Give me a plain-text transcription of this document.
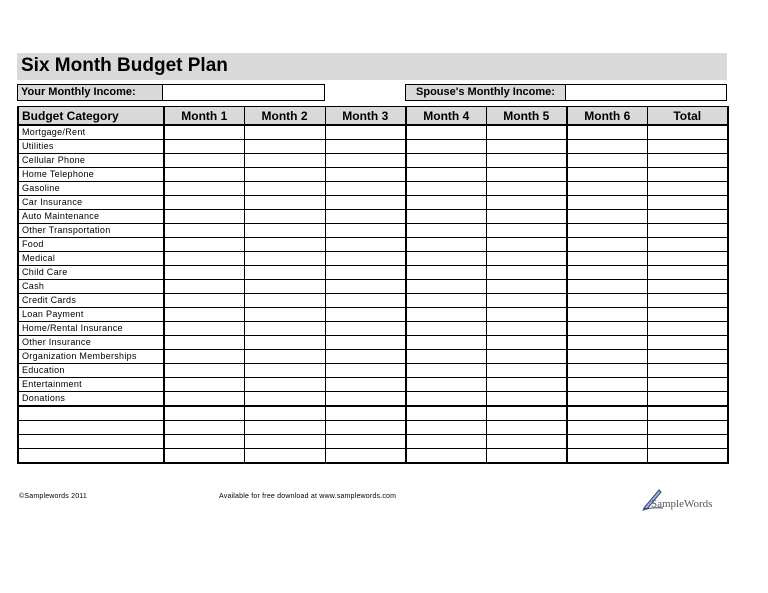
Six Month Budget Plan
Your Monthly Income:	Spouse's Monthly Income:
Budget Category	Month 1	Month 2	Month 3	Month 4	Month 5	Month 6	Total
Mortgage/Rent							
Utilities							
Cellular Phone							
Home Telephone							
Gasoline							
Car Insurance							
Auto Maintenance							
Other Transportation							
Food							
Medical							
Child Care							
Cash							
Credit Cards							
Loan Payment							
Home/Rental Insurance							
Other Insurance							
Organization Memberships							
Education							
Entertainment							
Donations							

©Samplewords 2011	Available for free download at www.samplewords.com
SampleWords
